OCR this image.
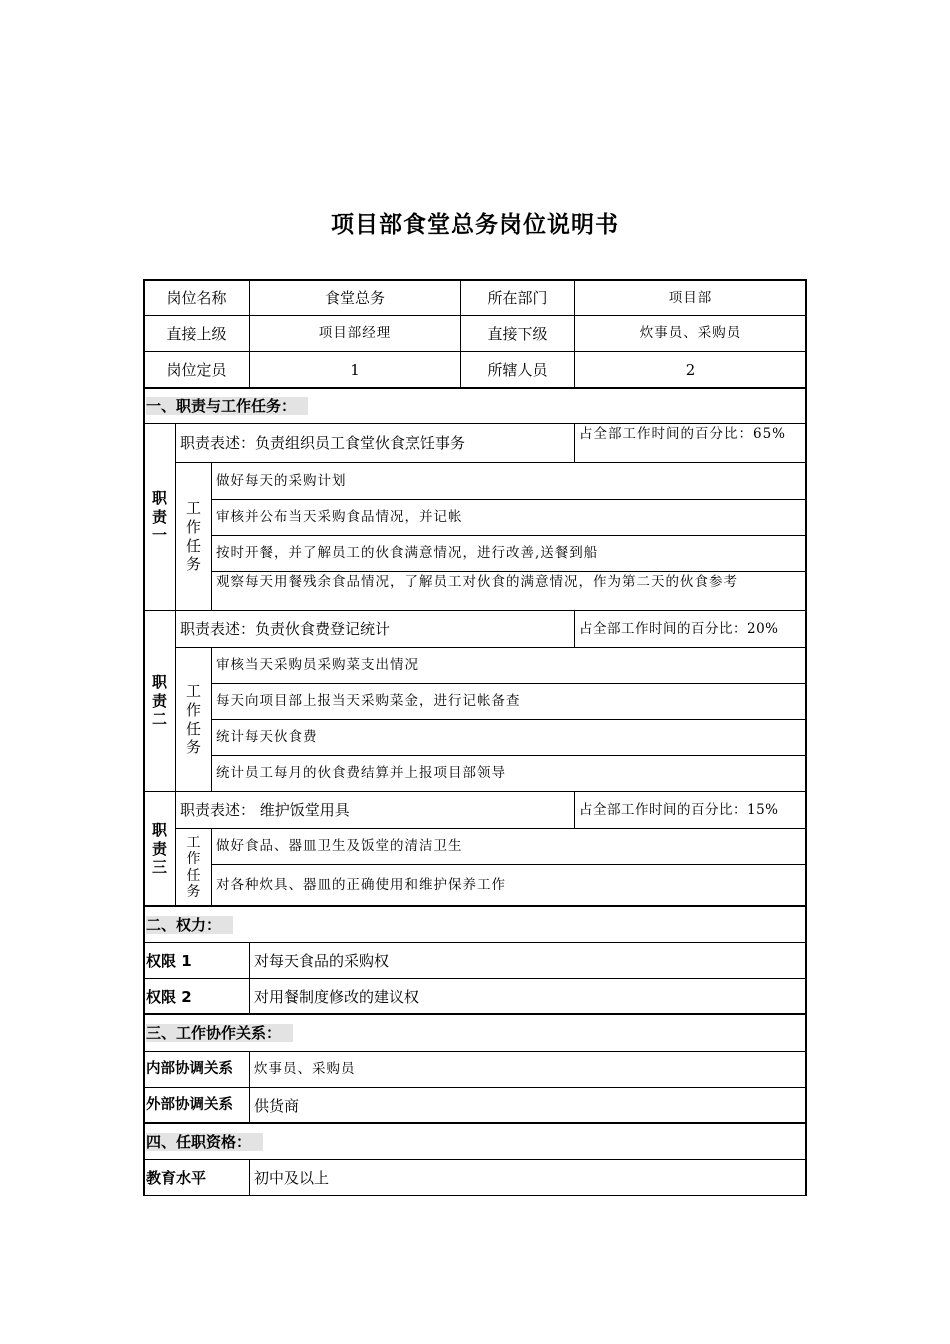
项目部食堂总务岗位说明书
岗位名称	食堂总务	所在部门	项目部
直接上级	项目部经理	直接下级	炊事员、采购员
岗位定员	1	所辖人员	2
一、职责与工作任务：
职责一
职责表述：负责组织员工食堂伙食烹饪事务	占全部工作时间的百分比：65%
工作任务
做好每天的采购计划
审核并公布当天采购食品情况，并记帐
按时开餐，并了解员工的伙食满意情况，进行改善,送餐到船
观察每天用餐残余食品情况，了解员工对伙食的满意情况，作为第二天的伙食参考
职责二
职责表述：负责伙食费登记统计	占全部工作时间的百分比：20%
工作任务
审核当天采购员采购菜支出情况
每天向项目部上报当天采购菜金，进行记帐备查
统计每天伙食费
统计员工每月的伙食费结算并上报项目部领导
职责三
职责表述： 维护饭堂用具	占全部工作时间的百分比：15%
工作任务
做好食品、器皿卫生及饭堂的清洁卫生
对各种炊具、器皿的正确使用和维护保养工作
二、权力：
权限 1	对每天食品的采购权
权限 2	对用餐制度修改的建议权
三、工作协作关系：
内部协调关系	炊事员、采购员
外部协调关系	供货商
四、任职资格：
教育水平	初中及以上
